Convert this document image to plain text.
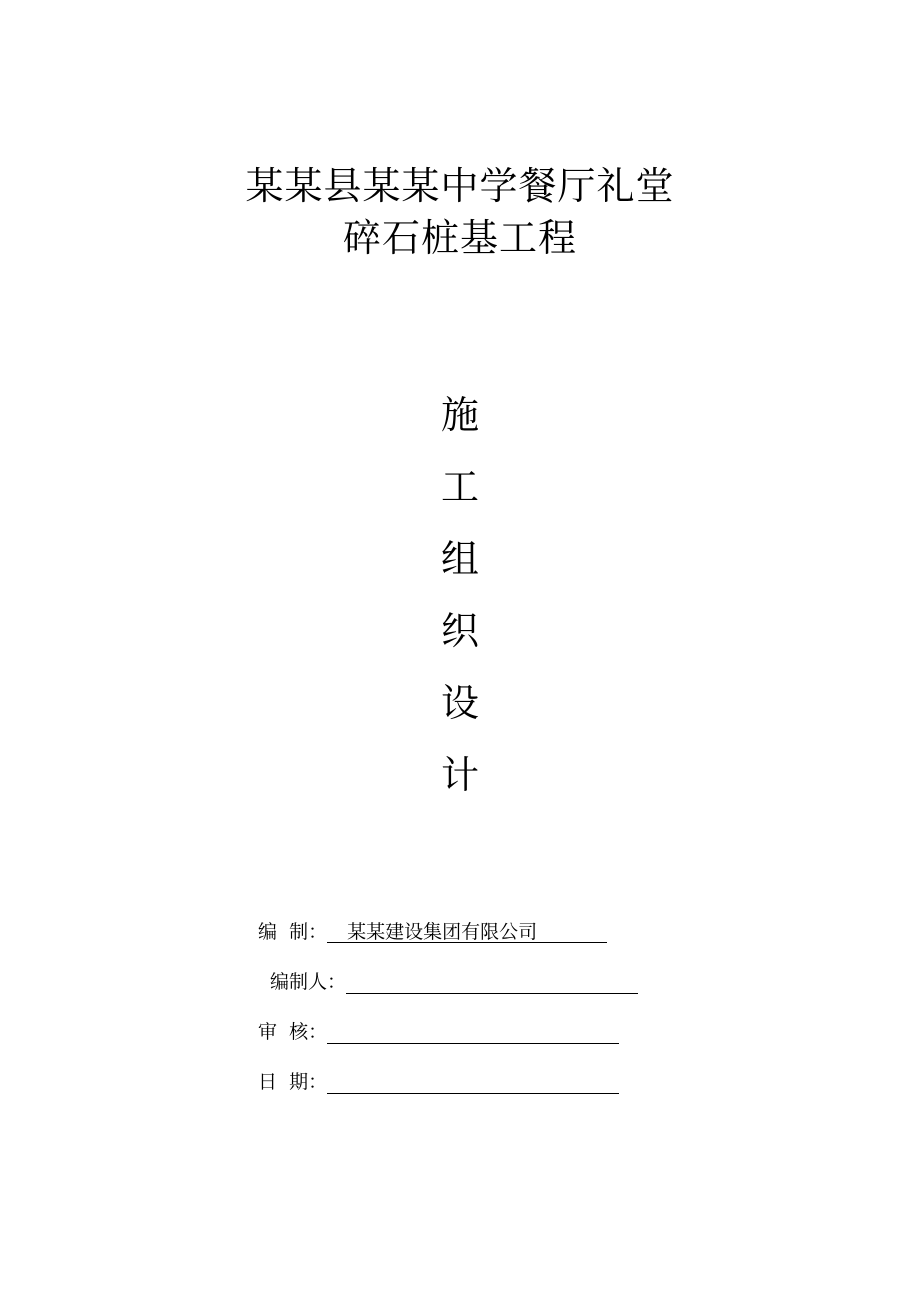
某某县某某中学餐厅礼堂
碎石桩基工程
施
工
组
织
设
计
编  制： 某某建设集团有限公司
编制人：
审  核：
日  期：
